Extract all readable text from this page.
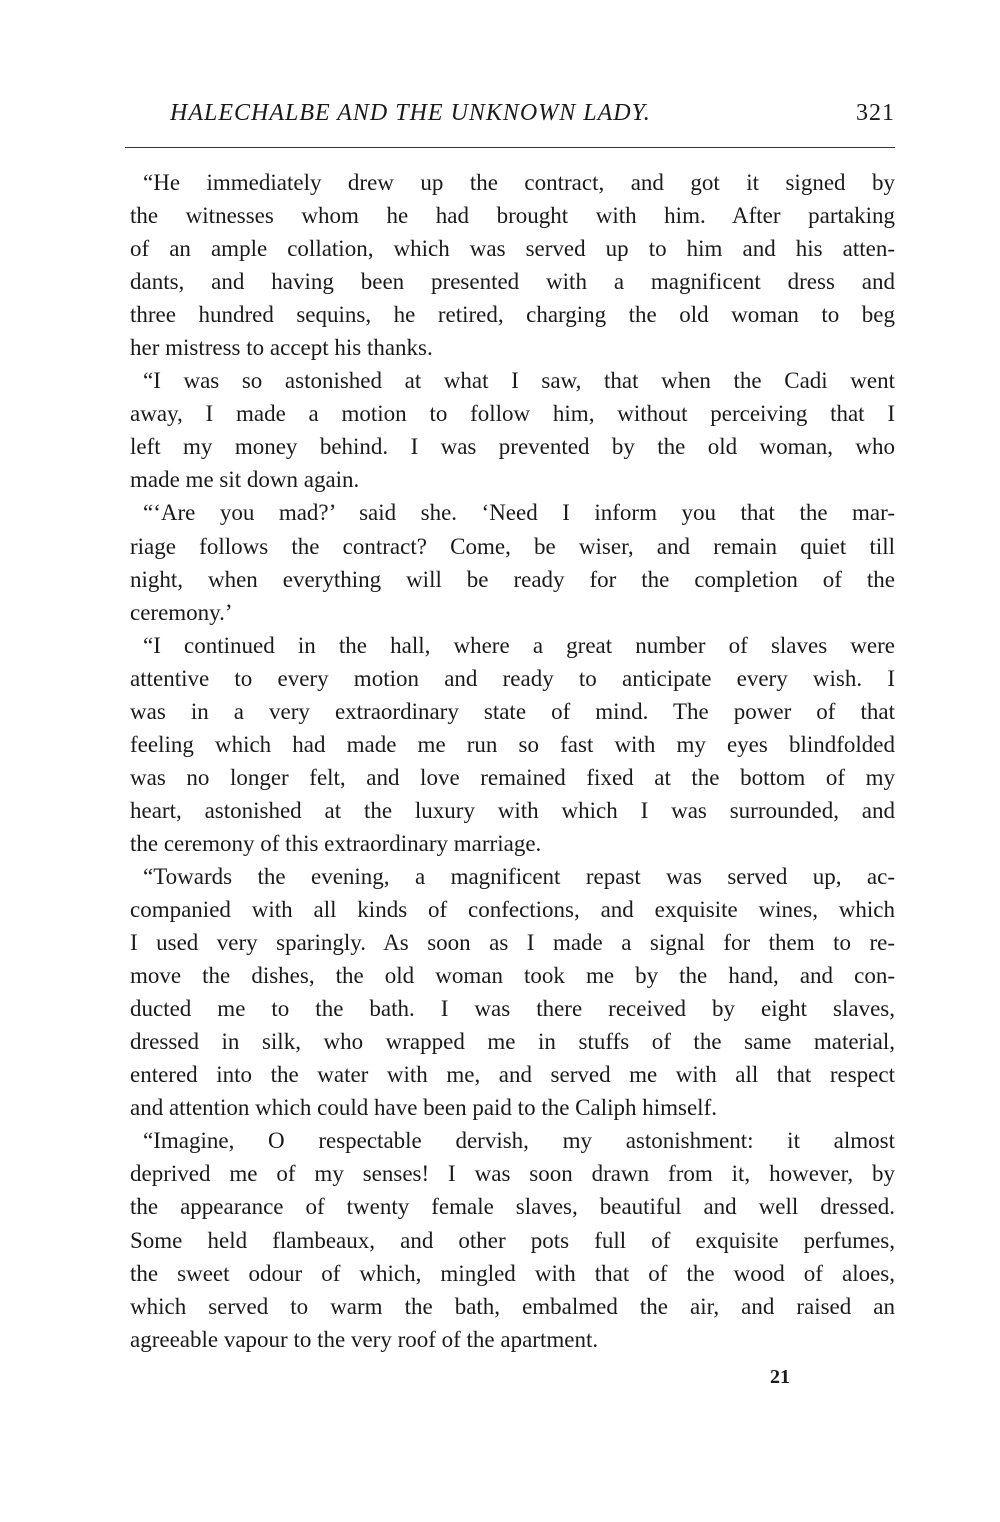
HALECHALBE AND THE UNKNOWN LADY.	321
“He immediately drew up the contract, and got it signed by
the witnesses whom he had brought with him. After partaking
of an ample collation, which was served up to him and his atten-
dants, and having been presented with a magnificent dress and
three hundred sequins, he retired, charging the old woman to beg
her mistress to accept his thanks.
“I was so astonished at what I saw, that when the Cadi went
away, I made a motion to follow him, without perceiving that I
left my money behind. I was prevented by the old woman, who
made me sit down again.
“‘Are you mad?’ said she. ‘Need I inform you that the mar-
riage follows the contract? Come, be wiser, and remain quiet till
night, when everything will be ready for the completion of the
ceremony.’
“I continued in the hall, where a great number of slaves were
attentive to every motion and ready to anticipate every wish. I
was in a very extraordinary state of mind. The power of that
feeling which had made me run so fast with my eyes blindfolded
was no longer felt, and love remained fixed at the bottom of my
heart, astonished at the luxury with which I was surrounded, and
the ceremony of this extraordinary marriage.
“Towards the evening, a magnificent repast was served up, ac-
companied with all kinds of confections, and exquisite wines, which
I used very sparingly. As soon as I made a signal for them to re-
move the dishes, the old woman took me by the hand, and con-
ducted me to the bath. I was there received by eight slaves,
dressed in silk, who wrapped me in stuffs of the same material,
entered into the water with me, and served me with all that respect
and attention which could have been paid to the Caliph himself.
“Imagine, O respectable dervish, my astonishment: it almost
deprived me of my senses! I was soon drawn from it, however, by
the appearance of twenty female slaves, beautiful and well dressed.
Some held flambeaux, and other pots full of exquisite perfumes,
the sweet odour of which, mingled with that of the wood of aloes,
which served to warm the bath, embalmed the air, and raised an
agreeable vapour to the very roof of the apartment.
21
